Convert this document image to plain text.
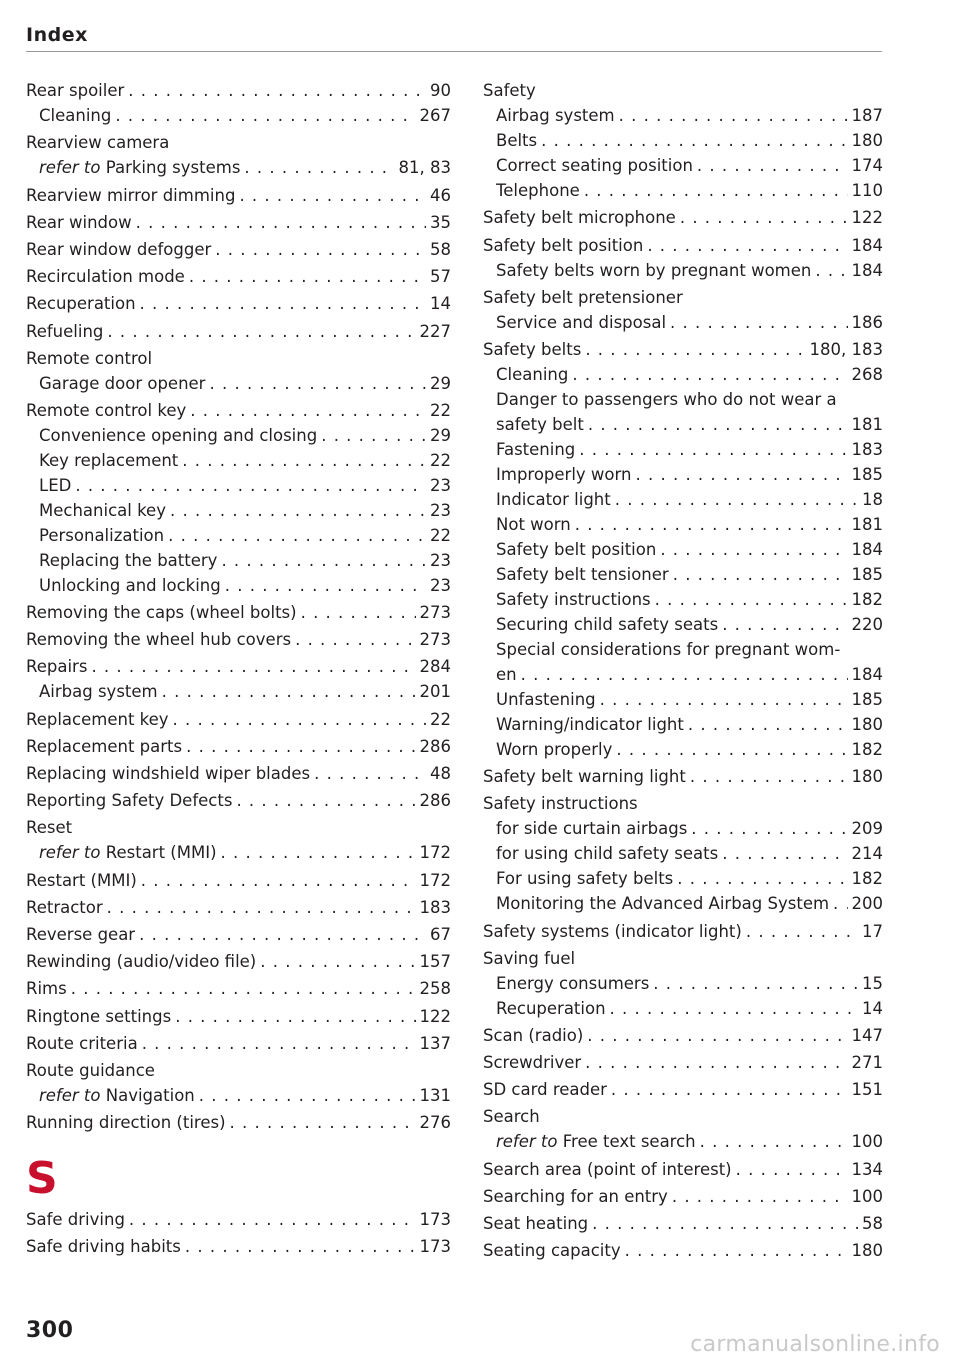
Index
Rear spoiler . . .	90
Cleaning . . .	267
Rearview camera
refer to Parking systems . . .	81, 83
Rearview mirror dimming . . .	46
Rear window . . .	35
Rear window defogger . . .	58
Recirculation mode . . .	57
Recuperation . . .	14
Refueling . . .	227
Remote control
Garage door opener . . .	29
Remote control key . . .	22
Convenience opening and closing . . .	29
Key replacement . . .	22
LED . . .	23
Mechanical key . . .	23
Personalization . . .	22
Replacing the battery . . .	23
Unlocking and locking . . .	23
Removing the caps (wheel bolts) . . .	273
Removing the wheel hub covers . . .	273
Repairs . . .	284
Airbag system . . .	201
Replacement key . . .	22
Replacement parts . . .	286
Replacing windshield wiper blades . . .	48
Reporting Safety Defects . . .	286
Reset
refer to Restart (MMI) . . .	172
Restart (MMI) . . .	172
Retractor . . .	183
Reverse gear . . .	67
Rewinding (audio/video file) . . .	157
Rims . . .	258
Ringtone settings . . .	122
Route criteria . . .	137
Route guidance
refer to Navigation . . .	131
Running direction (tires) . . .	276
S
Safe driving . . .	173
Safe driving habits . . .	173
Safety
Airbag system . . .	187
Belts . . .	180
Correct seating position . . .	174
Telephone . . .	110
Safety belt microphone . . .	122
Safety belt position . . .	184
Safety belts worn by pregnant women . . . 184
Safety belt pretensioner
Service and disposal . . .	186
Safety belts . . .	180, 183
Cleaning . . .	268
Danger to passengers who do not wear a
safety belt . . .	181
Fastening . . .	183
Improperly worn . . .	185
Indicator light . . .	18
Not worn . . .	181
Safety belt position . . .	184
Safety belt tensioner . . .	185
Safety instructions . . .	182
Securing child safety seats . . .	220
Special considerations for pregnant wom-
en . . .	184
Unfastening . . .	185
Warning/indicator light . . .	180
Worn properly . . .	182
Safety belt warning light . . .	180
Safety instructions
for side curtain airbags . . .	209
for using child safety seats . . .	214
For using safety belts . . .	182
Monitoring the Advanced Airbag System . . . 200
Safety systems (indicator light) . . .	17
Saving fuel
Energy consumers . . .	15
Recuperation . . .	14
Scan (radio) . . .	147
Screwdriver . . .	271
SD card reader . . .	151
Search
refer to Free text search . . .	100
Search area (point of interest) . . .	134
Searching for an entry . . .	100
Seat heating . . .	58
Seating capacity . . .	180
300
carmanualsonline.info
